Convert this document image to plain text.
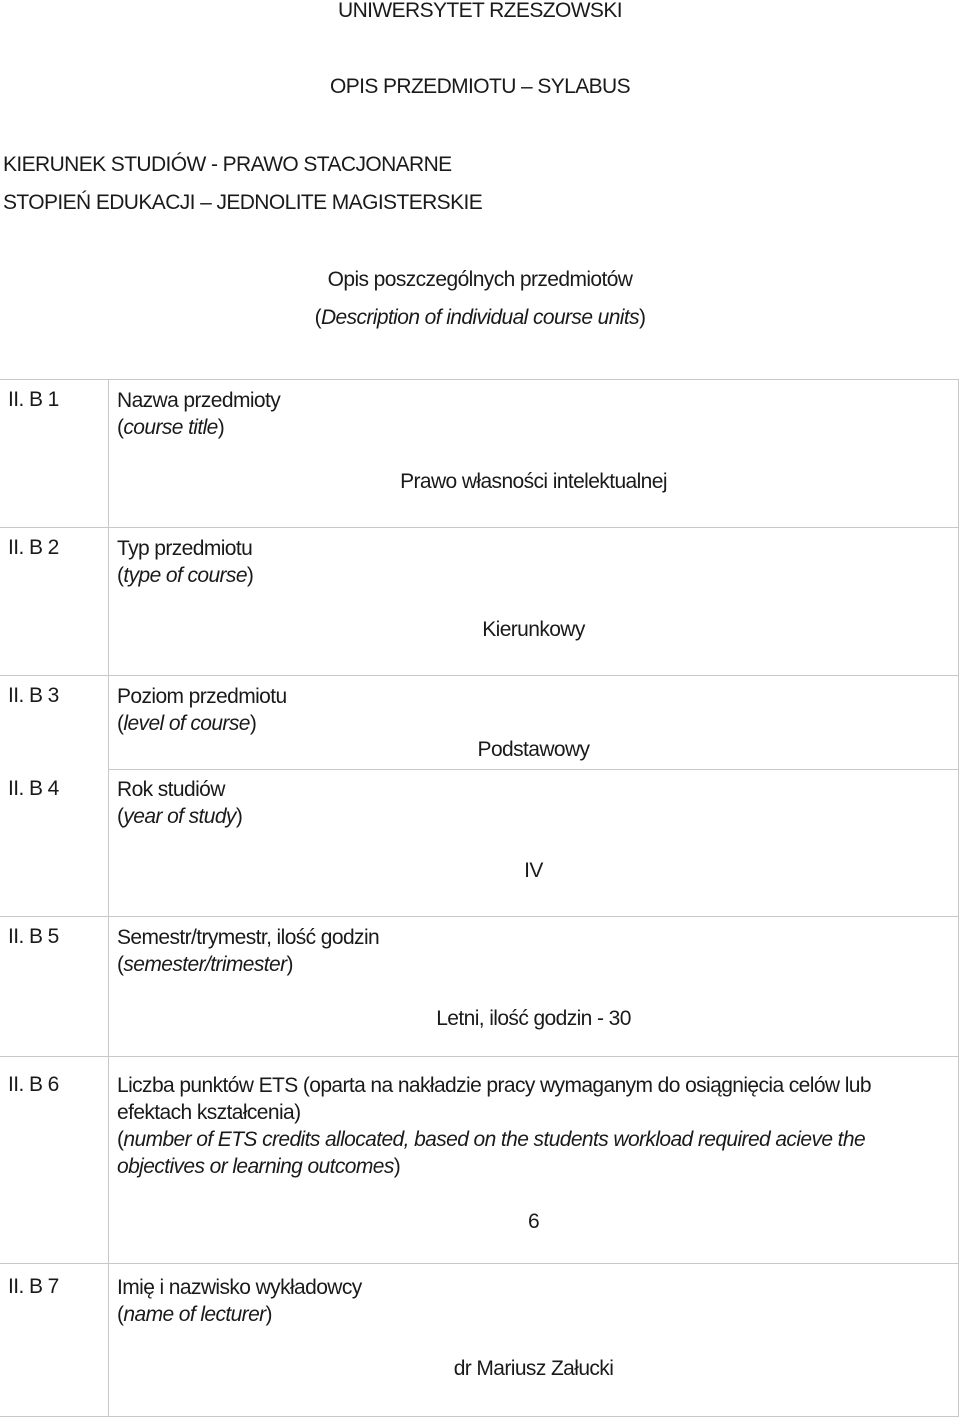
UNIWERSYTET RZESZOWSKI
OPIS PRZEDMIOTU – SYLABUS
KIERUNEK STUDIÓW - PRAWO STACJONARNE
STOPIEŃ EDUKACJI – JEDNOLITE MAGISTERSKIE
Opis poszczególnych przedmiotów
(Description of individual course units)
II. B 1	Nazwa przedmioty
(course title)
Prawo własności intelektualnej
II. B 2	Typ przedmiotu
(type of course)
Kierunkowy
II. B 3	Poziom przedmiotu
(level of course)
Podstawowy
II. B 4	Rok studiów
(year of study)
IV
II. B 5	Semestr/trymestr, ilość godzin
(semester/trimester)
Letni, ilość godzin - 30
II. B 6	Liczba punktów ETS (oparta na nakładzie pracy wymaganym do osiągnięcia celów lub
efektach kształcenia)
(number of ETS credits allocated, based on the students workload required acieve the
objectives or learning outcomes)
6
II. B 7	Imię i nazwisko wykładowcy
(name of lecturer)
dr Mariusz Załucki
